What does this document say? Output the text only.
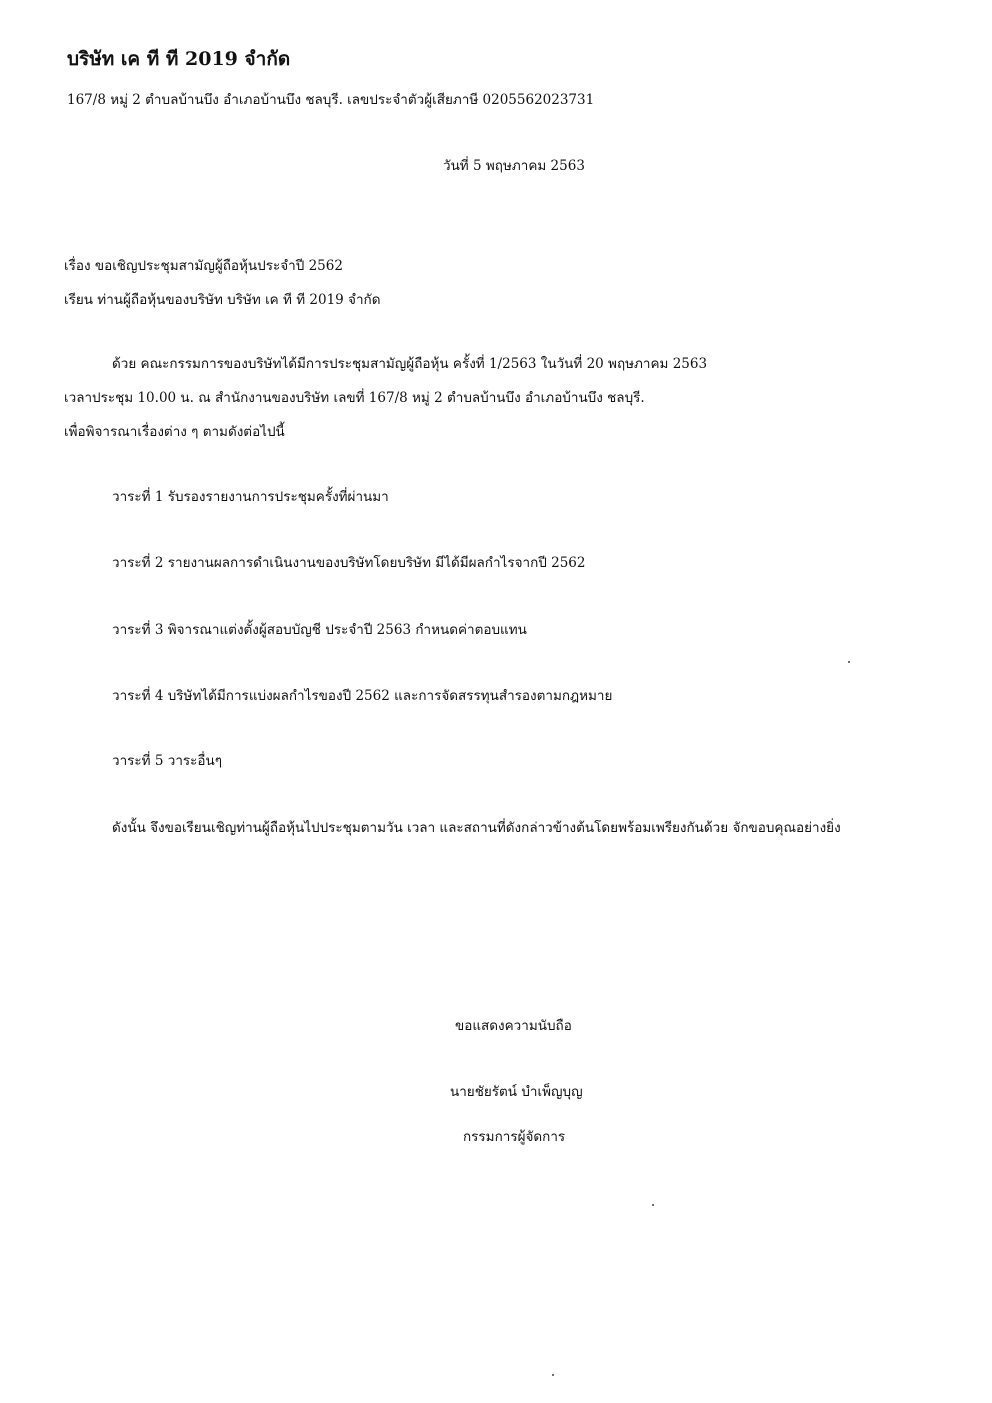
บริษัท เค ที ที 2019 จำกัด
167/8 หมู่ 2 ตำบลบ้านบึง อำเภอบ้านบึง ชลบุรี. เลขประจำตัวผู้เสียภาษี 0205562023731
วันที่ 5 พฤษภาคม 2563
เรื่อง ขอเชิญประชุมสามัญผู้ถือหุ้นประจำปี 2562
เรียน ท่านผู้ถือหุ้นของบริษัท บริษัท เค ที ที 2019 จำกัด
ด้วย คณะกรรมการของบริษัทได้มีการประชุมสามัญผู้ถือหุ้น ครั้งที่ 1/2563 ในวันที่ 20 พฤษภาคม 2563
เวลาประชุม 10.00 น. ณ สำนักงานของบริษัท เลขที่ 167/8 หมู่ 2 ตำบลบ้านบึง อำเภอบ้านบึง ชลบุรี.
เพื่อพิจารณาเรื่องต่าง ๆ ตามดังต่อไปนี้
วาระที่ 1 รับรองรายงานการประชุมครั้งที่ผ่านมา
วาระที่ 2 รายงานผลการดำเนินงานของบริษัทโดยบริษัท มีได้มีผลกำไรจากปี 2562
วาระที่ 3 พิจารณาแต่งตั้งผู้สอบบัญชี ประจำปี 2563 กำหนดค่าตอบแทน
วาระที่ 4 บริษัทได้มีการแบ่งผลกำไรของปี 2562 และการจัดสรรทุนสำรองตามกฎหมาย
วาระที่ 5 วาระอื่นๆ
ดังนั้น จึงขอเรียนเชิญท่านผู้ถือหุ้นไปประชุมตามวัน เวลา และสถานที่ดังกล่าวข้างต้นโดยพร้อมเพรียงกันด้วย จักขอบคุณอย่างยิ่ง
ขอแสดงความนับถือ
นายชัยรัตน์ บำเพ็ญบุญ
กรรมการผู้จัดการ
